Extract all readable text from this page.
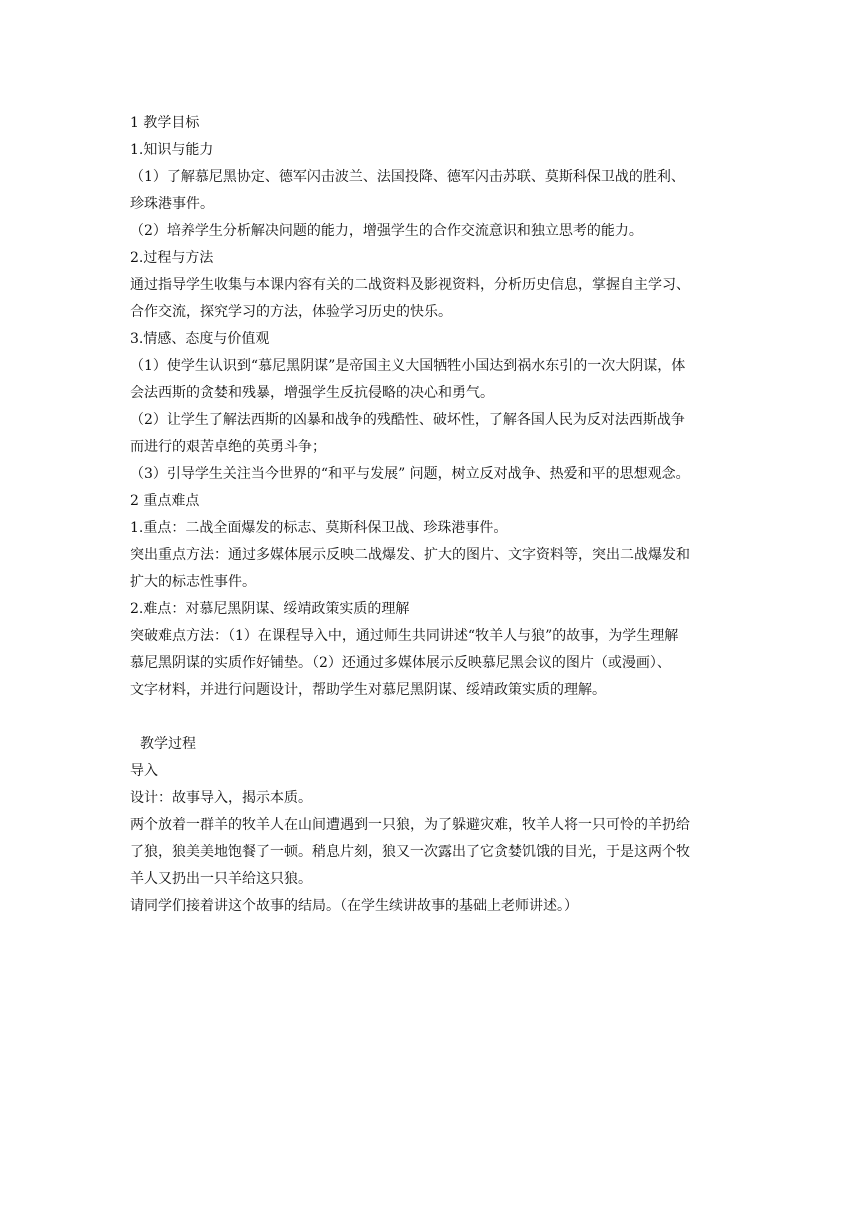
1 教学目标
1.知识与能力
（1）了解慕尼黑协定、德军闪击波兰、法国投降、德军闪击苏联、莫斯科保卫战的胜利、
珍珠港事件。
（2）培养学生分析解决问题的能力，增强学生的合作交流意识和独立思考的能力。
2.过程与方法
通过指导学生收集与本课内容有关的二战资料及影视资料，分析历史信息，掌握自主学习、
合作交流，探究学习的方法，体验学习历史的快乐。
3.情感、态度与价值观
（1）使学生认识到“慕尼黑阴谋”是帝国主义大国牺牲小国达到祸水东引的一次大阴谋，体
会法西斯的贪婪和残暴，增强学生反抗侵略的决心和勇气。
（2）让学生了解法西斯的凶暴和战争的残酷性、破坏性，了解各国人民为反对法西斯战争
而进行的艰苦卓绝的英勇斗争；
（3）引导学生关注当今世界的“和平与发展” 问题，树立反对战争、热爱和平的思想观念。
2 重点难点
1.重点：二战全面爆发的标志、莫斯科保卫战、珍珠港事件。
突出重点方法：通过多媒体展示反映二战爆发、扩大的图片、文字资料等，突出二战爆发和
扩大的标志性事件。
2.难点：对慕尼黑阴谋、绥靖政策实质的理解
突破难点方法：（1）在课程导入中，通过师生共同讲述“牧羊人与狼”的故事，为学生理解
慕尼黑阴谋的实质作好铺垫。（2）还通过多媒体展示反映慕尼黑会议的图片（或漫画）、
文字材料，并进行问题设计，帮助学生对慕尼黑阴谋、绥靖政策实质的理解。
教学过程
导入
设计：故事导入，揭示本质。
两个放着一群羊的牧羊人在山间遭遇到一只狼，为了躲避灾难，牧羊人将一只可怜的羊扔给
了狼，狼美美地饱餐了一顿。稍息片刻，狼又一次露出了它贪婪饥饿的目光，于是这两个牧
羊人又扔出一只羊给这只狼。
请同学们接着讲这个故事的结局。（在学生续讲故事的基础上老师讲述。）
